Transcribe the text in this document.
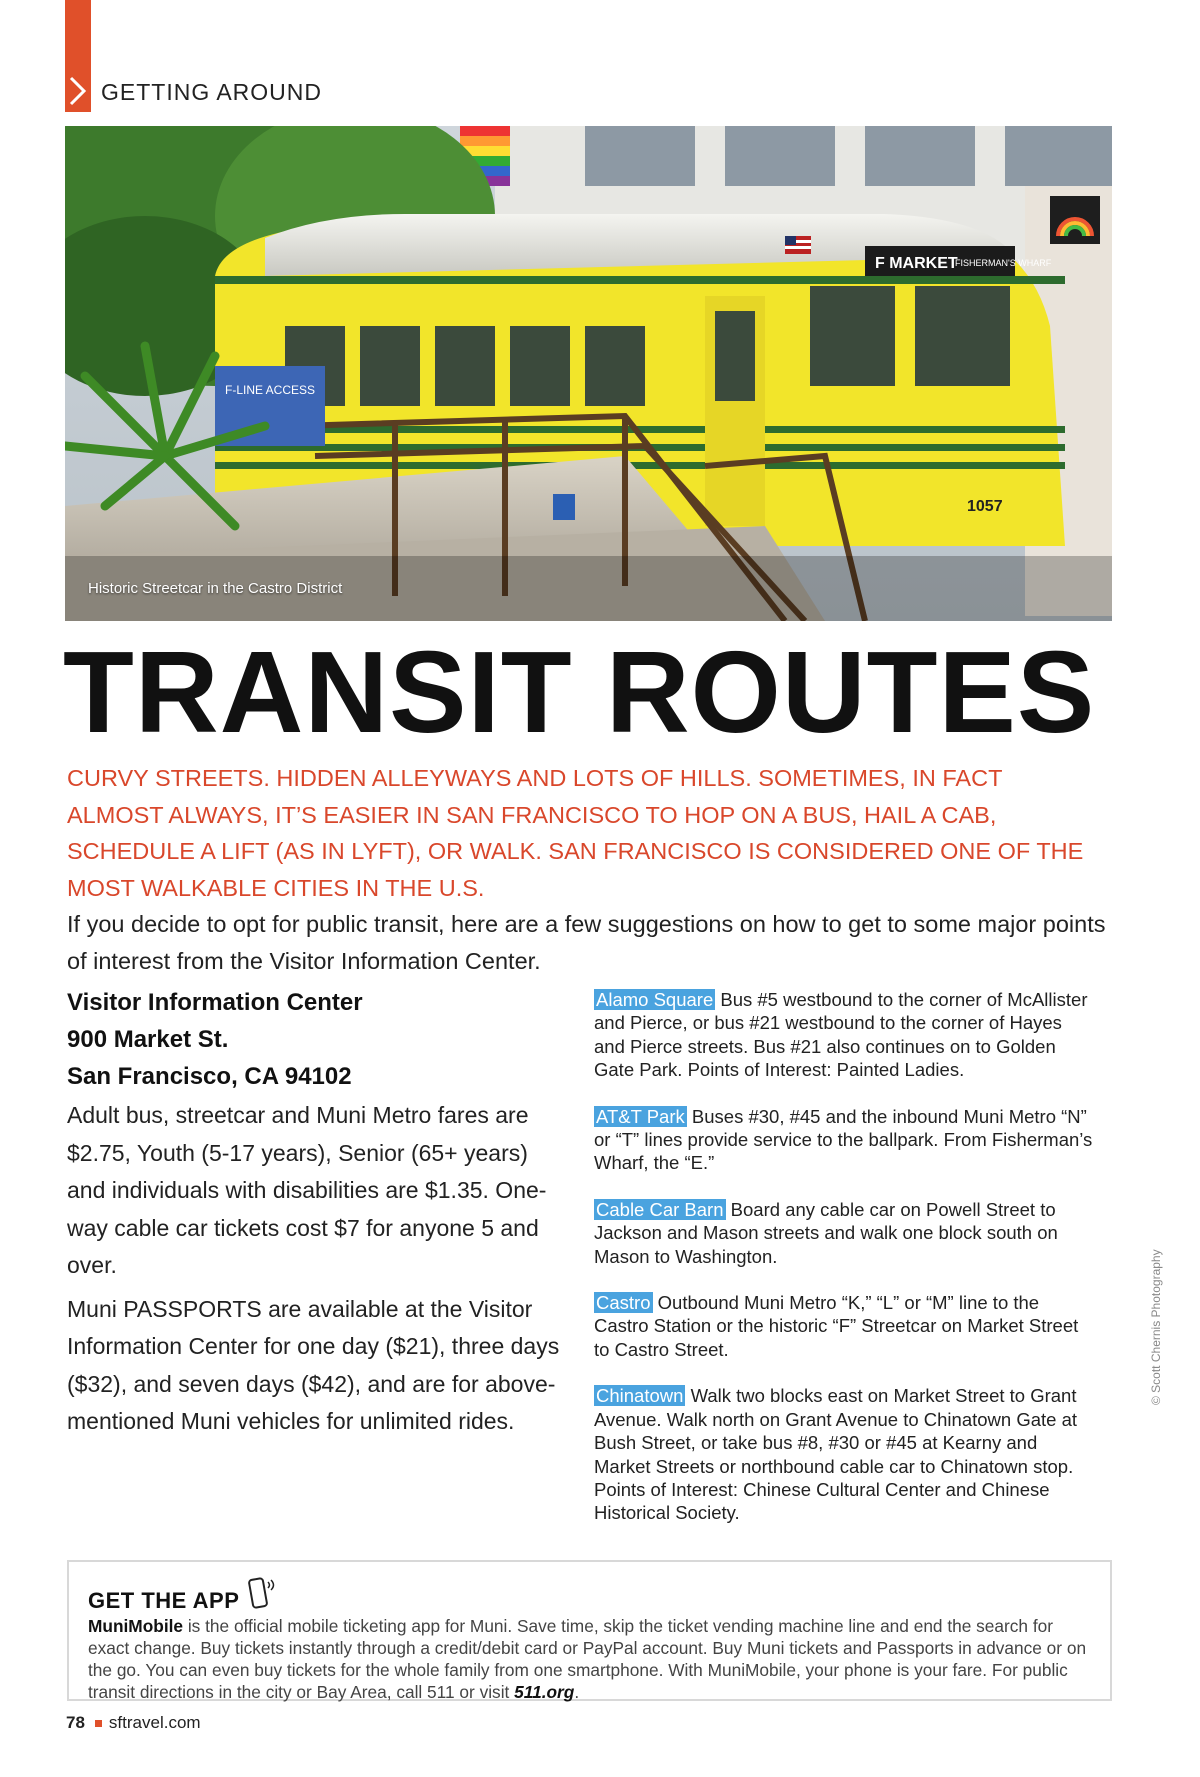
GETTING AROUND
F MARKET
FISHERMAN'S WHARF
1057
F-LINE ACCESS
Historic Streetcar in the Castro District
TRANSIT ROUTES

CURVY STREETS. HIDDEN ALLEYWAYS AND LOTS OF HILLS. SOMETIMES, IN FACT ALMOST ALWAYS, IT’S EASIER IN SAN FRANCISCO TO HOP ON A BUS, HAIL A CAB, SCHEDULE A LIFT (AS IN LYFT), OR WALK. SAN FRANCISCO IS CONSIDERED ONE OF THE MOST WALKABLE CITIES IN THE U.S.

If you decide to opt for public transit, here are a few suggestions on how to get to some major points of interest from the Visitor Information Center.

Visitor Information Center
900 Market St.
San Francisco, CA 94102

Adult bus, streetcar and Muni Metro fares are $2.75, Youth (5-17 years), Senior (65+ years) and individuals with disabilities are $1.35. One-way cable car tickets cost $7 for anyone 5 and over.

Muni PASSPORTS are available at the Visitor Information Center for one day ($21), three days ($32), and seven days ($42), and are for above-mentioned Muni vehicles for unlimited rides.

Alamo Square Bus #5 westbound to the corner of McAllister and Pierce, or bus #21 westbound to the corner of Hayes and Pierce streets. Bus #21 also continues on to Golden Gate Park. Points of Interest: Painted Ladies.
AT&T Park Buses #30, #45 and the inbound Muni Metro “N” or “T” lines provide service to the ballpark. From Fisherman’s Wharf, the “E.”
Cable Car Barn Board any cable car on Powell Street to Jackson and Mason streets and walk one block south on Mason to Washington.
Castro Outbound Muni Metro “K,” “L” or “M” line to the Castro Station or the historic “F” Streetcar on Market Street to Castro Street.
Chinatown Walk two blocks east on Market Street to Grant Avenue. Walk north on Grant Avenue to Chinatown Gate at Bush Street, or take bus #8, #30 or #45 at Kearny and Market Streets or northbound cable car to Chinatown stop. Points of Interest: Chinese Cultural Center and Chinese Historical Society.
© Scott Chernis Photography
GET THE APP

MuniMobile is the official mobile ticketing app for Muni. Save time, skip the ticket vending machine line and end the search for exact change. Buy tickets instantly through a credit/debit card or PayPal account. Buy Muni tickets and Passports in advance or on the go. You can even buy tickets for the whole family from one smartphone. With MuniMobile, your phone is your fare. For public transit directions in the city or Bay Area, call 511 or visit 511.org.

78 sftravel.com
